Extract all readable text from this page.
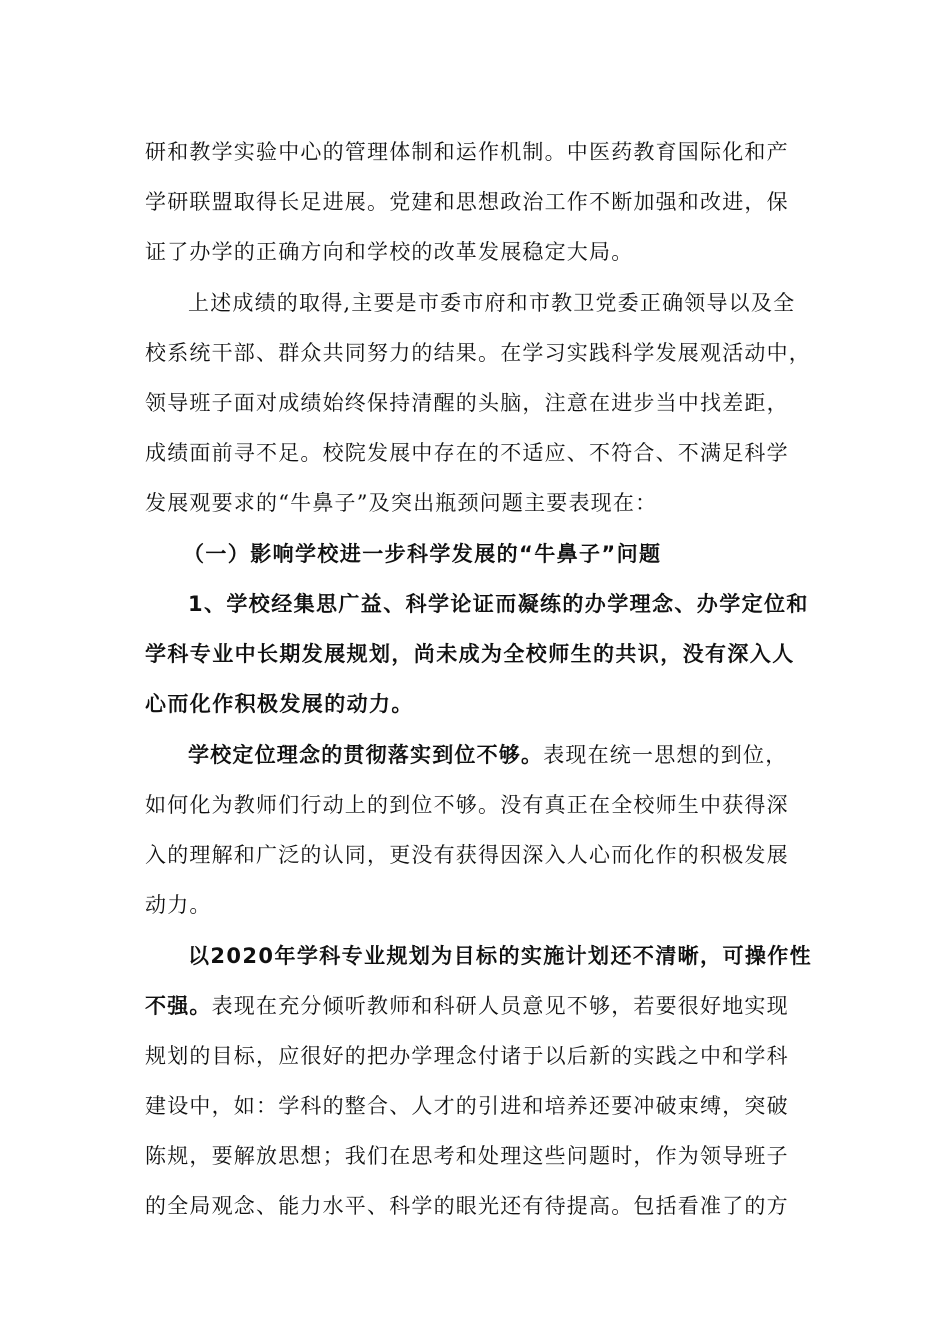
研和教学实验中心的管理体制和运作机制。中医药教育国际化和产
学研联盟取得长足进展。党建和思想政治工作不断加强和改进，保
证了办学的正确方向和学校的改革发展稳定大局。
上述成绩的取得,主要是市委市府和市教卫党委正确领导以及全
校系统干部、群众共同努力的结果。在学习实践科学发展观活动中，
领导班子面对成绩始终保持清醒的头脑，注意在进步当中找差距，
成绩面前寻不足。校院发展中存在的不适应、不符合、不满足科学
发展观要求的“牛鼻子”及突出瓶颈问题主要表现在：
（一）影响学校进一步科学发展的“牛鼻子”问题
1、学校经集思广益、科学论证而凝练的办学理念、办学定位和
学科专业中长期发展规划，尚未成为全校师生的共识，没有深入人
心而化作积极发展的动力。
学校定位理念的贯彻落实到位不够。表现在统一思想的到位，
如何化为教师们行动上的到位不够。没有真正在全校师生中获得深
入的理解和广泛的认同，更没有获得因深入人心而化作的积极发展
动力。
以2020年学科专业规划为目标的实施计划还不清晰，可操作性
不强。表现在充分倾听教师和科研人员意见不够，若要很好地实现
规划的目标，应很好的把办学理念付诸于以后新的实践之中和学科
建设中，如：学科的整合、人才的引进和培养还要冲破束缚，突破
陈规，要解放思想；我们在思考和处理这些问题时，作为领导班子
的全局观念、能力水平、科学的眼光还有待提高。包括看准了的方
